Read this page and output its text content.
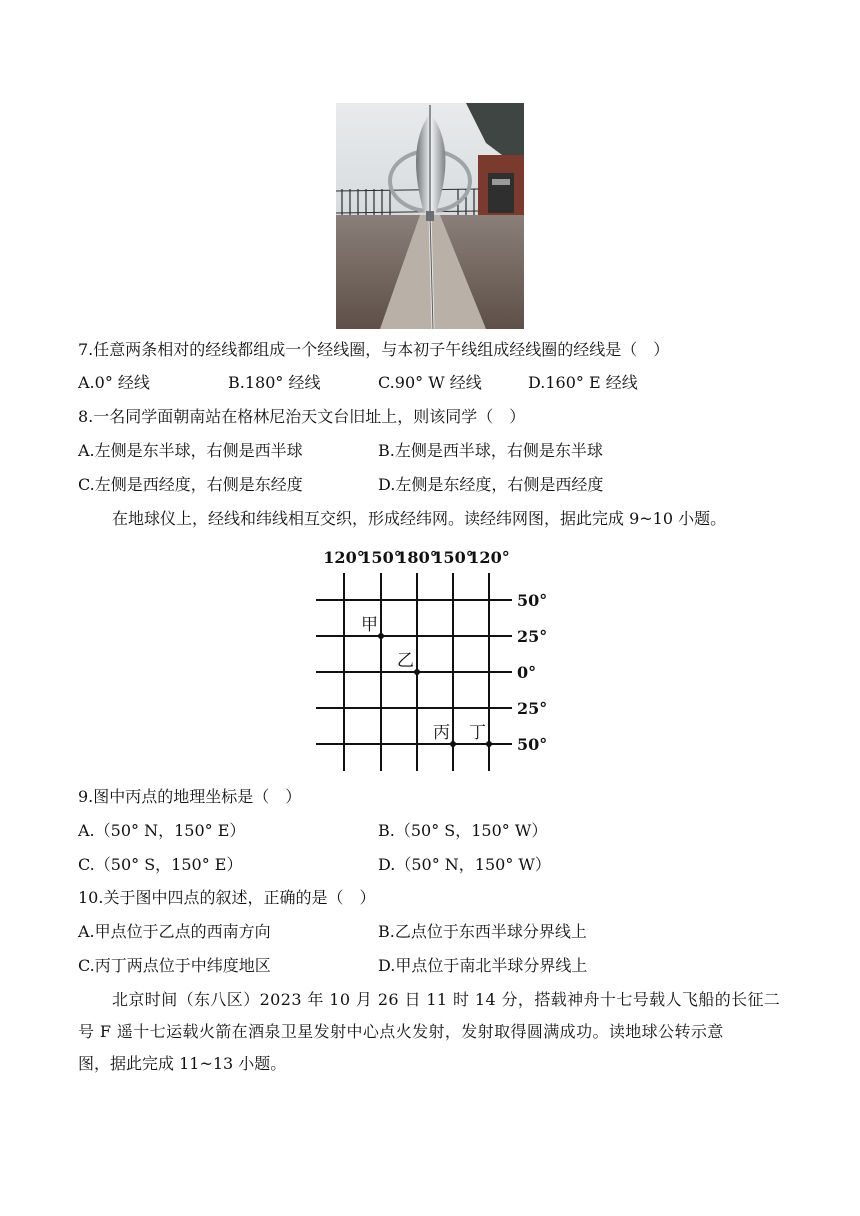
7.任意两条相对的经线都组成一个经线圈，与本初子午线组成经线圈的经线是（　）
A.0° 经线	B.180° 经线	C.90° W 经线	D.160° E 经线
8.一名同学面朝南站在格林尼治天文台旧址上，则该同学（　）
A.左侧是东半球，右侧是西半球	B.左侧是西半球，右侧是东半球
C.左侧是西经度，右侧是东经度	D.左侧是东经度，右侧是西经度
在地球仪上，经线和纬线相互交织，形成经纬网。读经纬网图，据此完成 9~10 小题。
120°
150°
180°
150°
120°
50°
25°
0°
25°
50°
甲
乙
丙 丁
9.图中丙点的地理坐标是（　）
A.（50° N，150° E）	B.（50° S，150° W）
C.（50° S，150° E）	D.（50° N，150° W）
10.关于图中四点的叙述，正确的是（　）
A.甲点位于乙点的西南方向	B.乙点位于东西半球分界线上
C.丙丁两点位于中纬度地区	D.甲点位于南北半球分界线上
北京时间（东八区）2023 年 10 月 26 日 11 时 14 分，搭载神舟十七号载人飞船的长征二
号 F 遥十七运载火箭在酒泉卫星发射中心点火发射，发射取得圆满成功。读地球公转示意
图，据此完成 11~13 小题。
